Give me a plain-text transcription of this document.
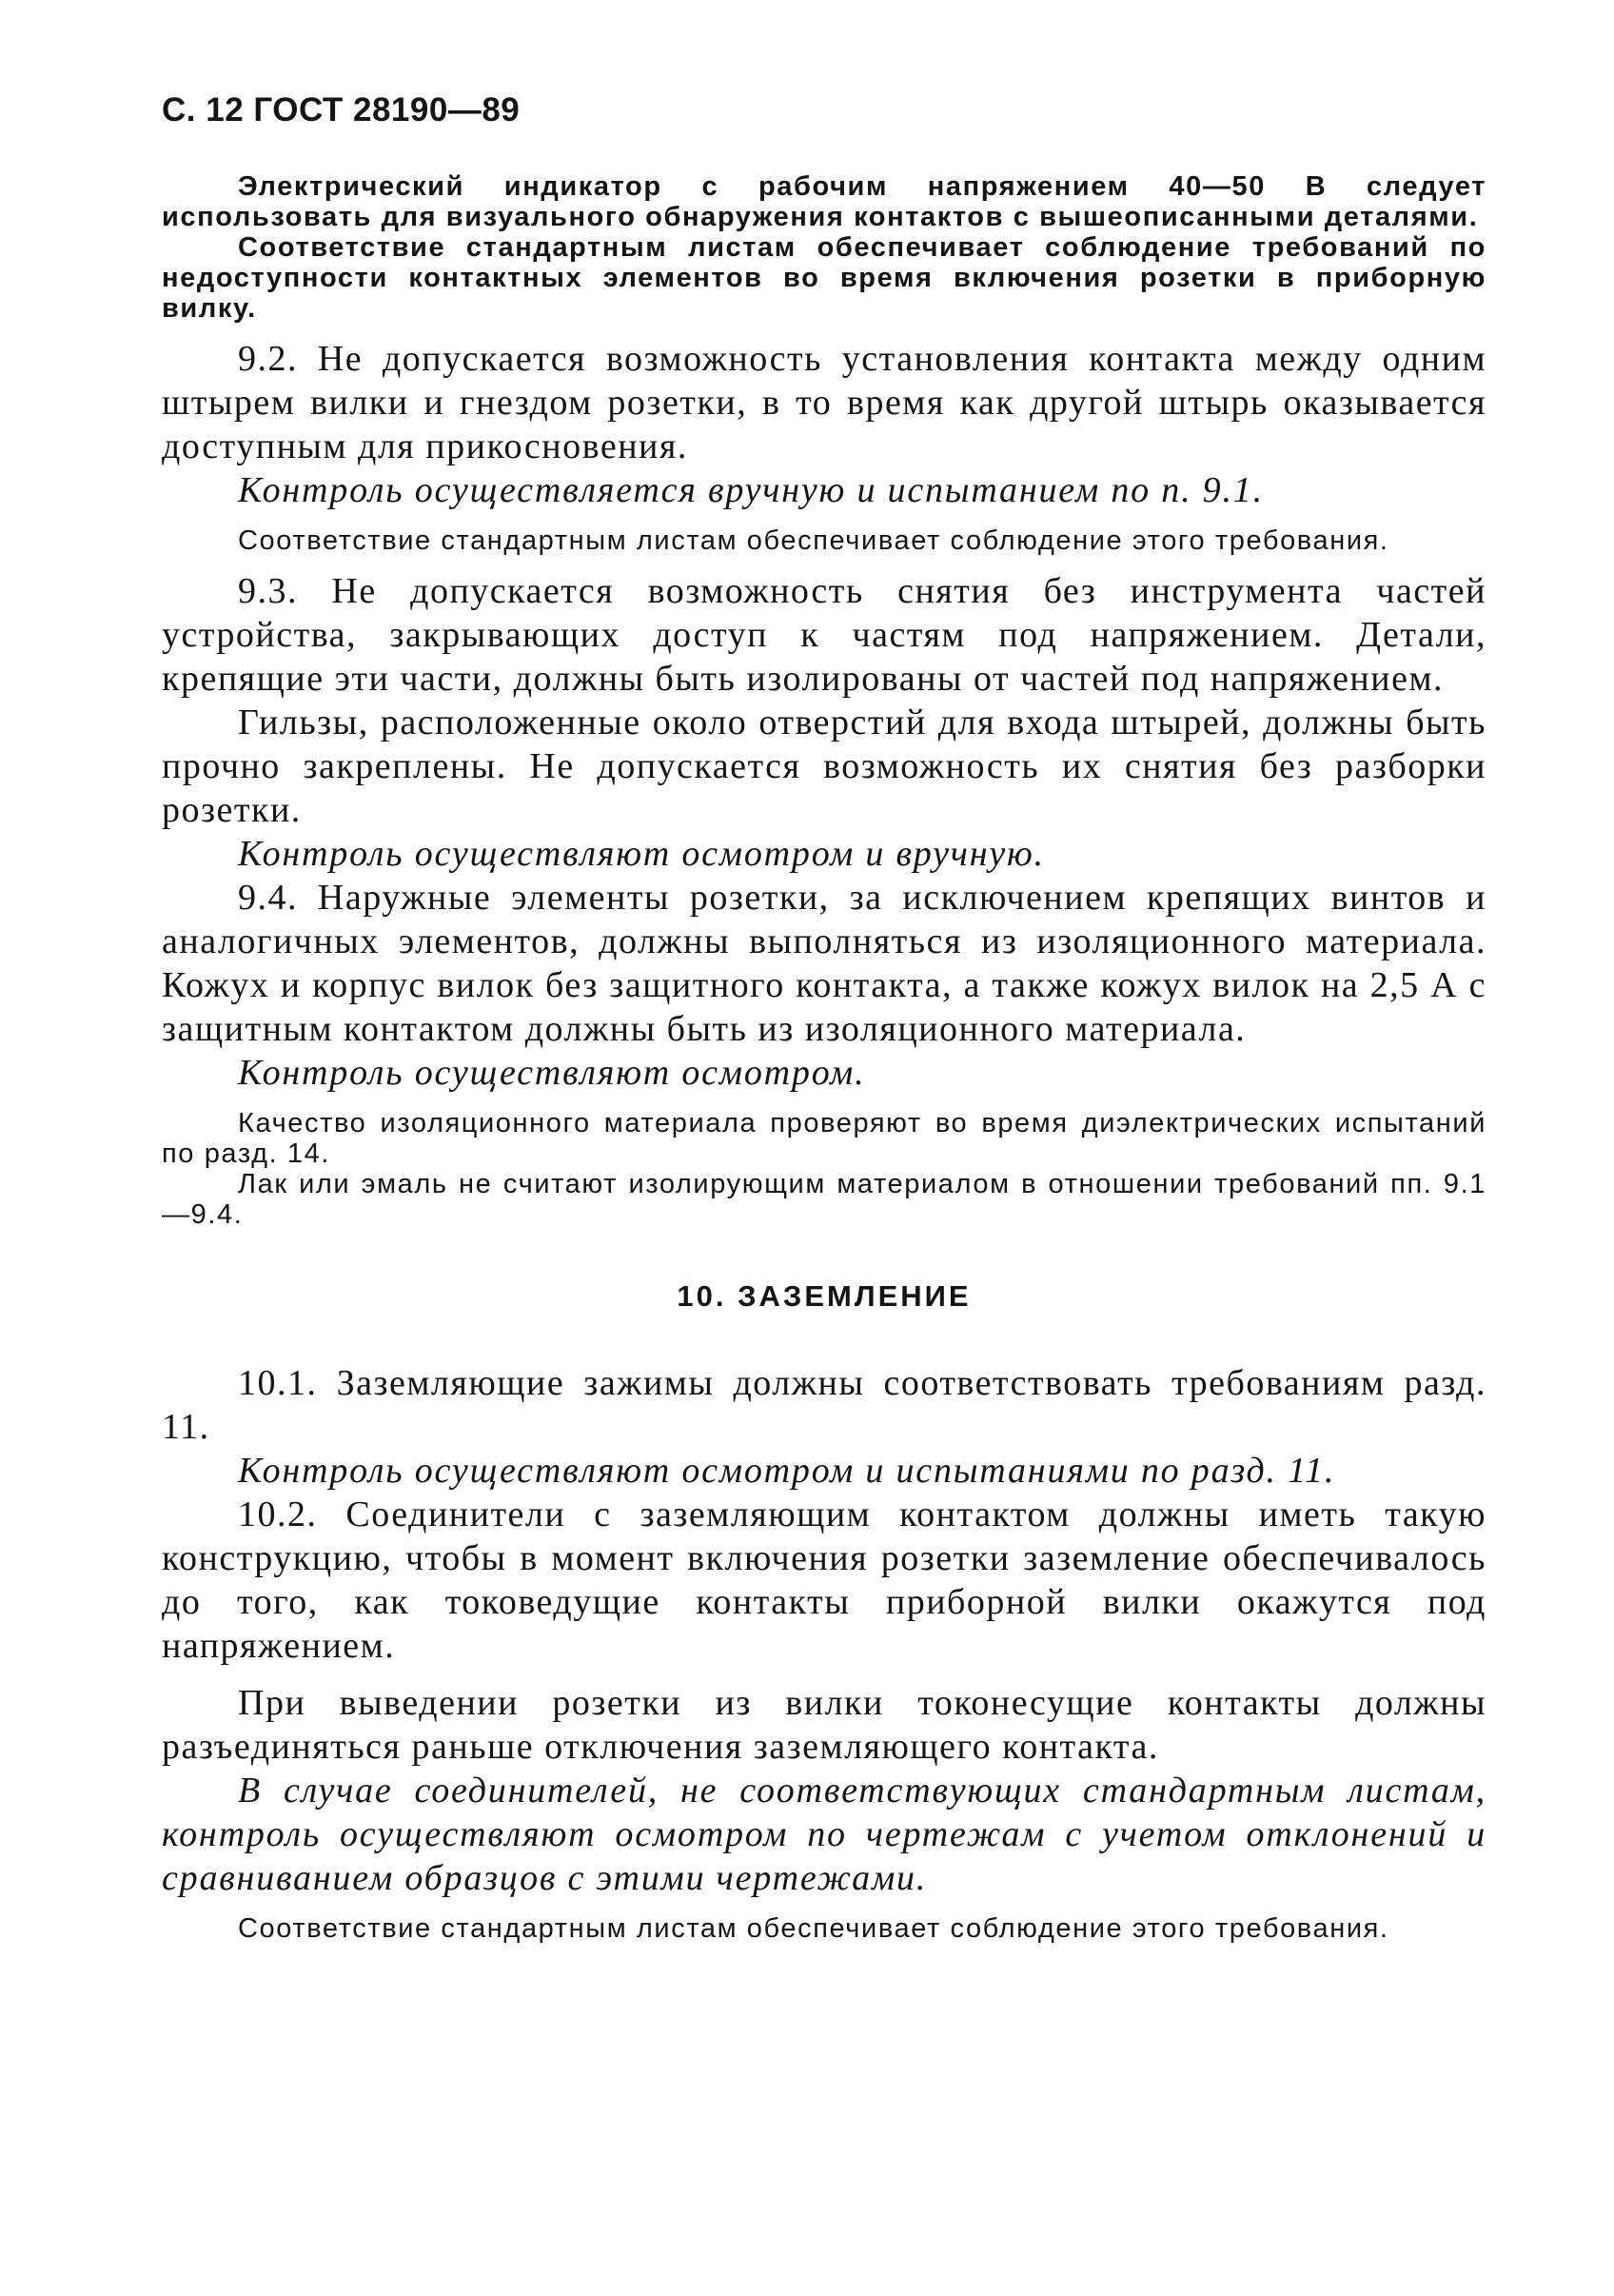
С. 12 ГОСТ 28190—89

Электрический индикатор с рабочим напряжением 40—50 В следует использовать для визуального обнаружения контактов с вышеописанными деталями.

Соответствие стандартным листам обеспечивает соблюдение требований по недоступности контактных элементов во время включения розетки в приборную вилку.

9.2. Не допускается возможность установления контакта между одним штырем вилки и гнездом розетки, в то время как другой штырь оказывается доступным для прикосновения.

Контроль осуществляется вручную и испытанием по п. 9.1.

Соответствие стандартным листам обеспечивает соблюдение этого требования.

9.3. Не допускается возможность снятия без инструмента частей устройства, закрывающих доступ к частям под напряжением. Детали, крепящие эти части, должны быть изолированы от частей под напряжением.

Гильзы, расположенные около отверстий для входа штырей, должны быть прочно закреплены. Не допускается возможность их снятия без разборки розетки.

Контроль осуществляют осмотром и вручную.

9.4. Наружные элементы розетки, за исключением крепящих винтов и аналогичных элементов, должны выполняться из изоляционного материала. Кожух и корпус вилок без защитного контакта, а также кожух вилок на 2,5 А с защитным контактом должны быть из изоляционного материала.

Контроль осуществляют осмотром.

Качество изоляционного материала проверяют во время диэлектрических испытаний по разд. 14.

Лак или эмаль не считают изолирующим материалом в отношении требований пп. 9.1—9.4.

10. ЗАЗЕМЛЕНИЕ

10.1. Заземляющие зажимы должны соответствовать требованиям разд. 11.

Контроль осуществляют осмотром и испытаниями по разд. 11.

10.2. Соединители с заземляющим контактом должны иметь такую конструкцию, чтобы в момент включения розетки заземление обеспечивалось до того, как токоведущие контакты приборной вилки окажутся под напряжением.

При выведении розетки из вилки токонесущие контакты должны разъединяться раньше отключения заземляющего контакта.

В случае соединителей, не соответствующих стандартным листам, контроль осуществляют осмотром по чертежам с учетом отклонений и сравниванием образцов с этими чертежами.

Соответствие стандартным листам обеспечивает соблюдение этого требования.
